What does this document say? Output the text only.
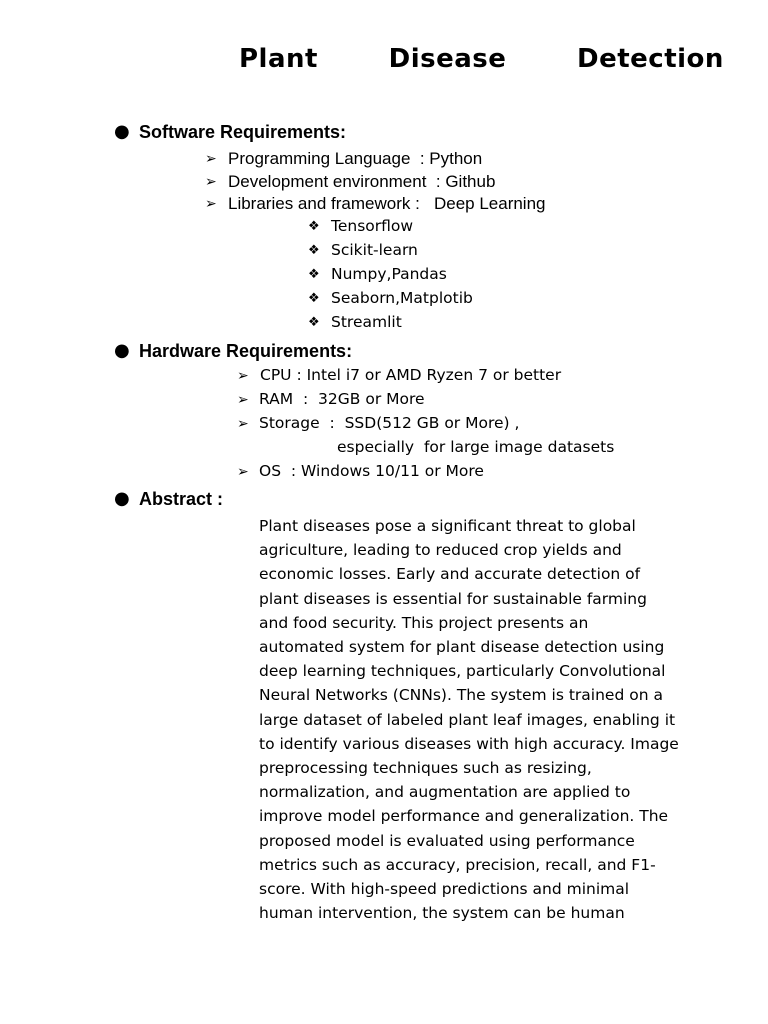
Plant   Disease   Detection
● Software Requirements:
➢ Programming Language  : Python
➢ Development environment  : Github
➢ Libraries and framework :   Deep Learning
❖ Tensorflow
❖ Scikit-learn
❖ Numpy,Pandas
❖ Seaborn,Matplotib
❖ Streamlit
● Hardware Requirements:
➢ CPU : Intel i7 or AMD Ryzen 7 or better
➢ RAM  :  32GB or More
➢ Storage  :  SSD(512 GB or More) ,
especially  for large image datasets
➢ OS  : Windows 10/11 or More
● Abstract :
Plant diseases pose a significant threat to global
agriculture, leading to reduced crop yields and
economic losses. Early and accurate detection of
plant diseases is essential for sustainable farming
and food security. This project presents an
automated system for plant disease detection using
deep learning techniques, particularly Convolutional
Neural Networks (CNNs). The system is trained on a
large dataset of labeled plant leaf images, enabling it
to identify various diseases with high accuracy. Image
preprocessing techniques such as resizing,
normalization, and augmentation are applied to
improve model performance and generalization. The
proposed model is evaluated using performance
metrics such as accuracy, precision, recall, and F1-
score. With high-speed predictions and minimal
human intervention, the system can be human
